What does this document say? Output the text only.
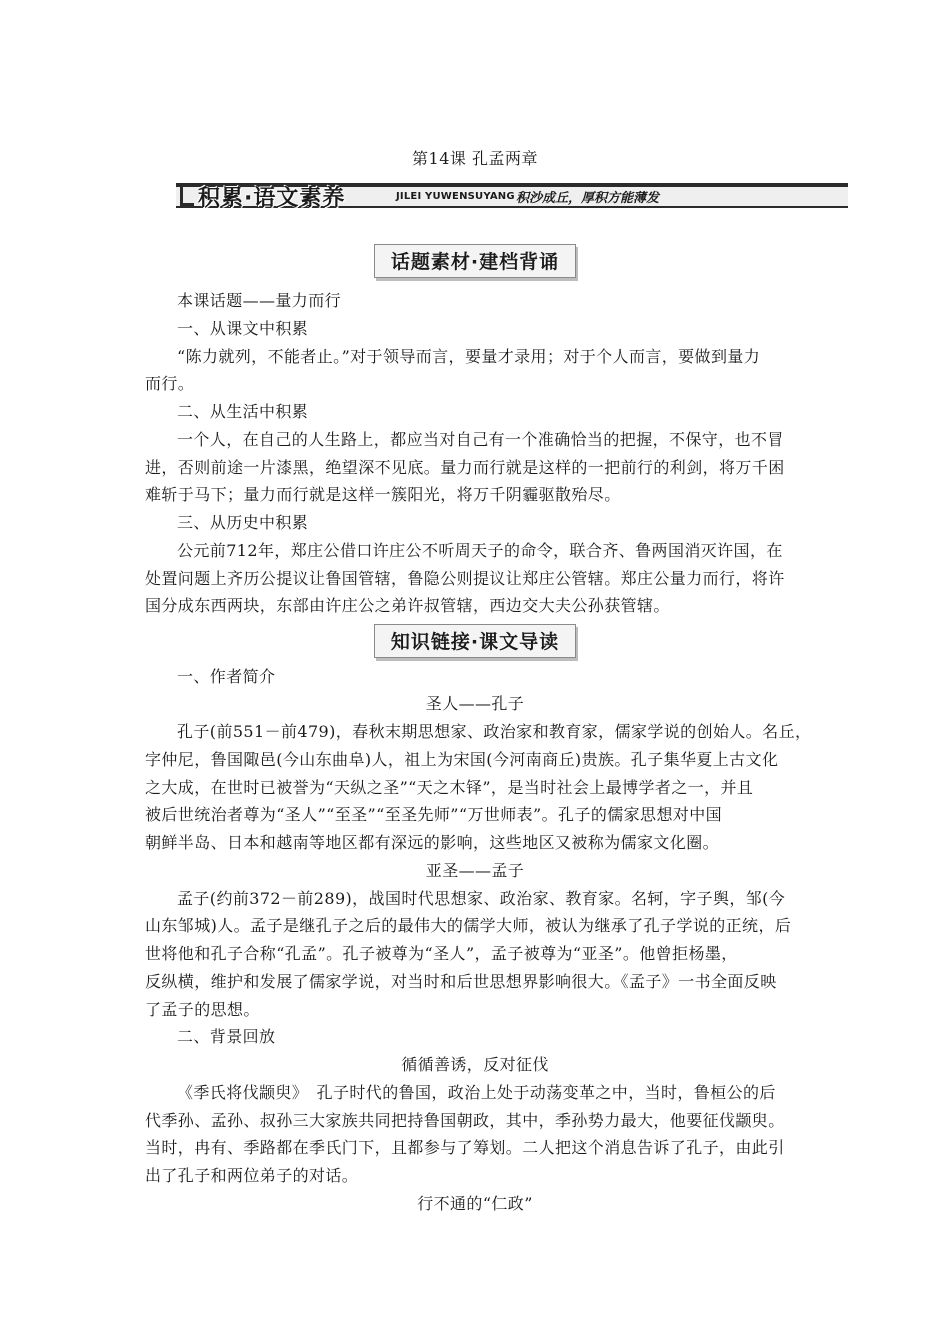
第14课 孔孟两章
积累·语文素养	JILEI YUWENSUYANG 积沙成丘，厚积方能薄发
话题素材·建档背诵
本课话题——量力而行
一、从课文中积累
“陈力就列，不能者止。”对于领导而言，要量才录用；对于个人而言，要做到量力
而行。
二、从生活中积累
一个人，在自己的人生路上，都应当对自己有一个准确恰当的把握，不保守，也不冒
进，否则前途一片漆黑，绝望深不见底。量力而行就是这样的一把前行的利剑，将万千困
难斩于马下；量力而行就是这样一簇阳光，将万千阴霾驱散殆尽。
三、从历史中积累
公元前712年，郑庄公借口许庄公不听周天子的命令，联合齐、鲁两国消灭许国，在
处置问题上齐历公提议让鲁国管辖，鲁隐公则提议让郑庄公管辖。郑庄公量力而行，将许
国分成东西两块，东部由许庄公之弟许叔管辖，西边交大夫公孙获管辖。
知识链接·课文导读
一、作者简介
圣人——孔子
孔子(前551－前479)，春秋末期思想家、政治家和教育家，儒家学说的创始人。名丘，
字仲尼，鲁国陬邑(今山东曲阜)人，祖上为宋国(今河南商丘)贵族。孔子集华夏上古文化
之大成，在世时已被誉为“天纵之圣”“天之木铎”，是当时社会上最博学者之一，并且
被后世统治者尊为“圣人”“至圣”“至圣先师”“万世师表”。孔子的儒家思想对中国
朝鲜半岛、日本和越南等地区都有深远的影响，这些地区又被称为儒家文化圈。
亚圣——孟子
孟子(约前372－前289)，战国时代思想家、政治家、教育家。名轲，字子舆，邹(今
山东邹城)人。孟子是继孔子之后的最伟大的儒学大师，被认为继承了孔子学说的正统，后
世将他和孔子合称“孔孟”。孔子被尊为“圣人”，孟子被尊为“亚圣”。他曾拒杨墨，
反纵横，维护和发展了儒家学说，对当时和后世思想界影响很大。《孟子》一书全面反映
了孟子的思想。
二、背景回放
循循善诱，反对征伐
《季氏将伐颛臾》　孔子时代的鲁国，政治上处于动荡变革之中，当时，鲁桓公的后
代季孙、孟孙、叔孙三大家族共同把持鲁国朝政，其中，季孙势力最大，他要征伐颛臾。
当时，冉有、季路都在季氏门下，且都参与了筹划。二人把这个消息告诉了孔子，由此引
出了孔子和两位弟子的对话。
行不通的“仁政”
